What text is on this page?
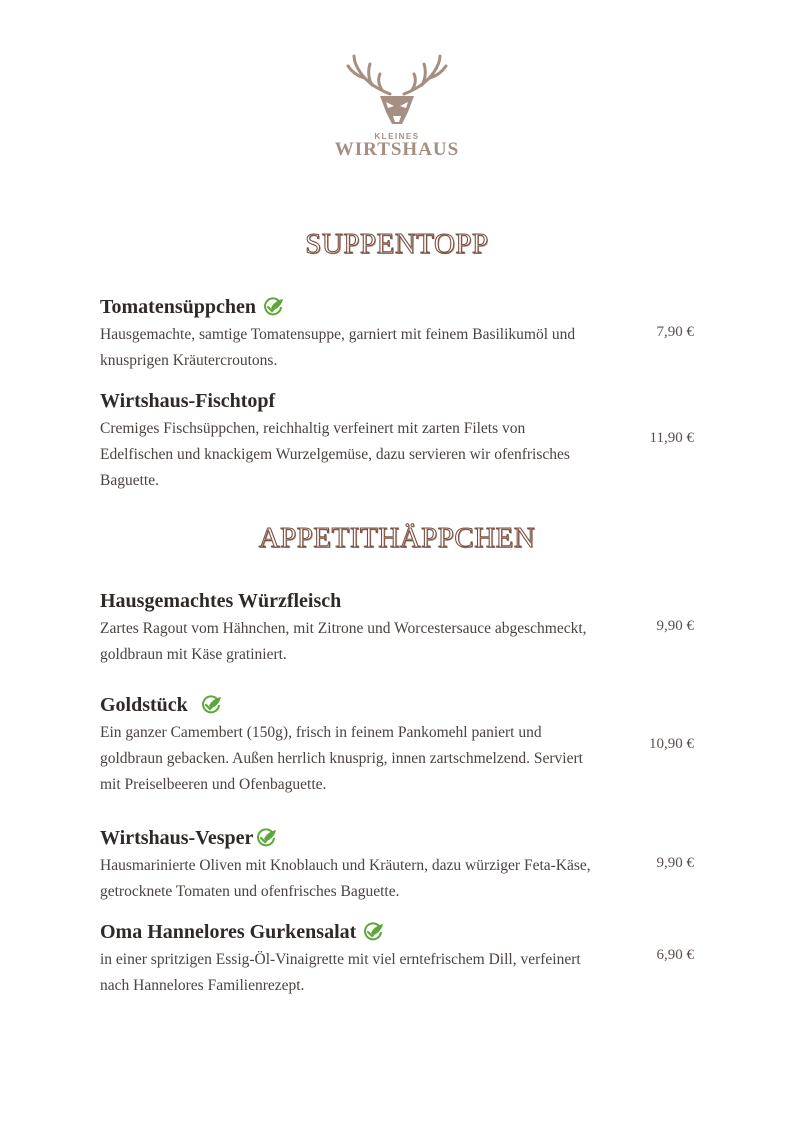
KLEINES
WIRTSHAUS
SUPPENTOPP
Tomatensüppchen
Hausgemachte, samtige Tomatensuppe, garniert mit feinem Basilikumöl und knusprigen Kräutercroutons.
7,90 €
Wirtshaus-Fischtopf
Cremiges Fischsüppchen, reichhaltig verfeinert mit zarten Filets von Edelfischen und knackigem Wurzelgemüse, dazu servieren wir ofenfrisches Baguette.
11,90 €
APPETITHÄPPCHEN
Hausgemachtes Würzfleisch
Zartes Ragout vom Hähnchen, mit Zitrone und Worcestersauce abgeschmeckt, goldbraun mit Käse gratiniert.
9,90 €
Goldstück
Ein ganzer Camembert (150g), frisch in feinem Pankomehl paniert und goldbraun gebacken. Außen herrlich knusprig, innen zartschmelzend. Serviert mit Preiselbeeren und Ofenbaguette.
10,90 €
Wirtshaus-Vesper
Hausmarinierte Oliven mit Knoblauch und Kräutern, dazu würziger Feta-Käse, getrocknete Tomaten und ofenfrisches Baguette.
9,90 €
Oma Hannelores Gurkensalat
in einer spritzigen Essig-Öl-Vinaigrette mit viel erntefrischem Dill, verfeinert nach Hannelores Familienrezept.
6,90 €
